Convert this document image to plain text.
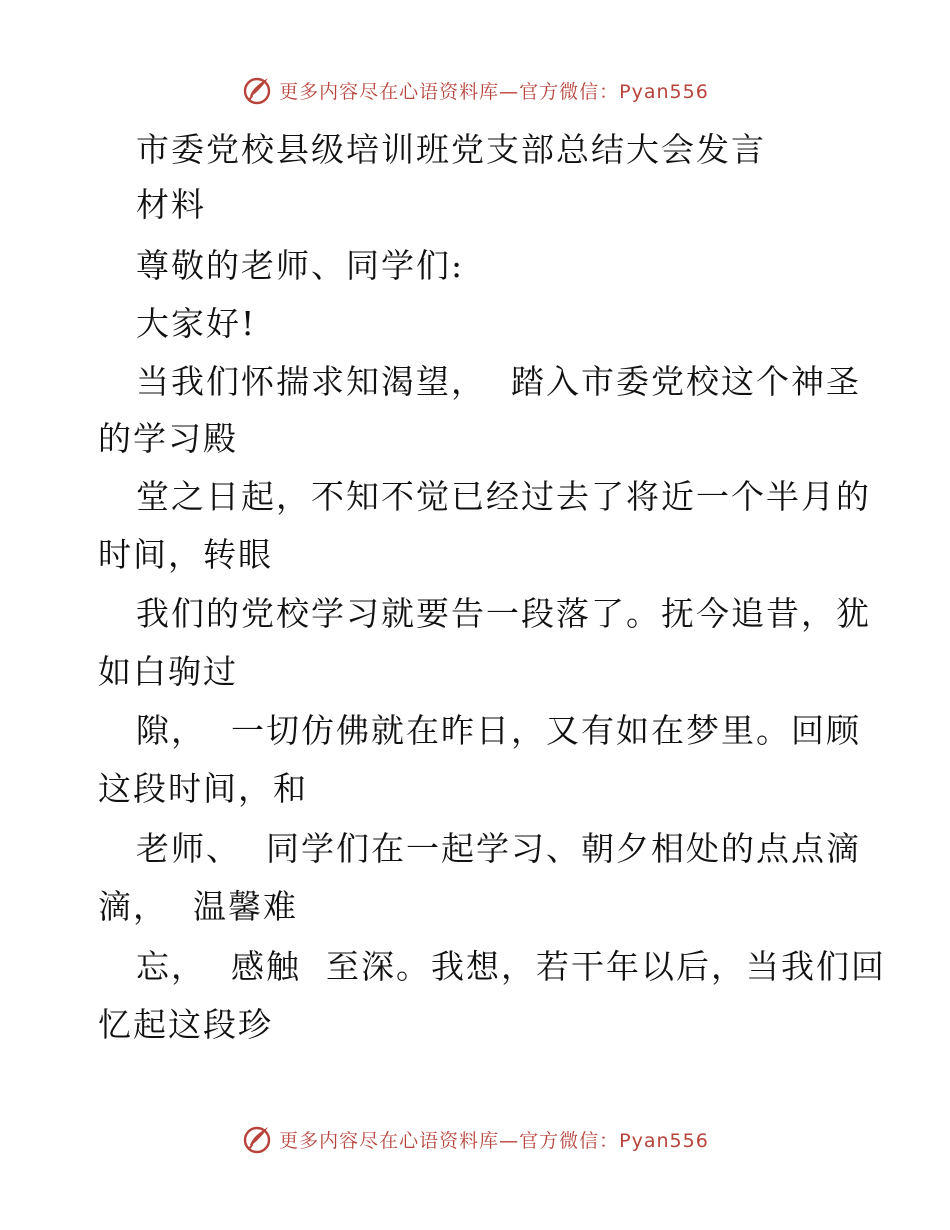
更多内容尽在心语资料库—官方微信：Pyan556
市委党校县级培训班党支部总结大会发言
材料
尊敬的老师、同学们:
大家好!
当我们怀揣求知渴望，  踏入市委党校这个神圣
的学习殿
堂之日起，不知不觉已经过去了将近一个半月的
时间，转眼
我们的党校学习就要告一段落了。抚今追昔，犹
如白驹过
隙，  一切仿佛就在昨日，又有如在梦里。回顾
这段时间，和
老师、  同学们在一起学习、朝夕相处的点点滴
滴，  温馨难
忘，  感触  至深。我想，若干年以后，当我们回
忆起这段珍
更多内容尽在心语资料库—官方微信：Pyan556
